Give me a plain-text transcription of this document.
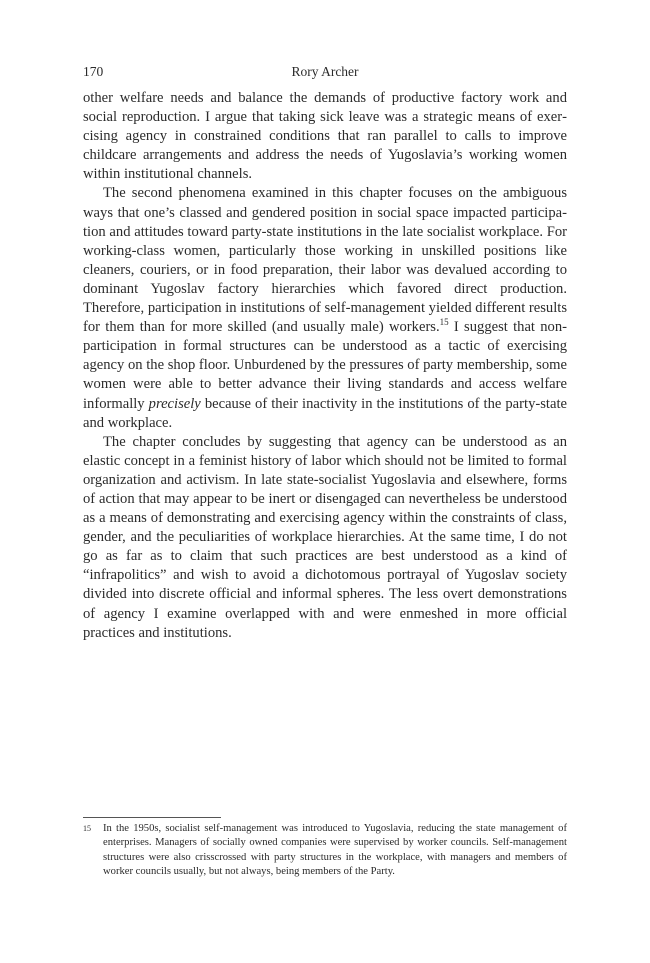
170	Rory Archer

other welfare needs and balance the demands of productive factory work and social reproduction. I argue that taking sick leave was a strategic means of exercising agency in constrained conditions that ran parallel to calls to improve childcare arrangements and address the needs of Yugoslavia’s working women within institutional channels.

The second phenomena examined in this chapter focuses on the ambiguous ways that one’s classed and gendered position in social space impacted participation and attitudes toward party-state institutions in the late socialist workplace. For working-class women, particularly those working in unskilled positions like cleaners, couriers, or in food preparation, their labor was devalued according to dominant Yugoslav factory hierarchies which favored direct production. Therefore, participation in institutions of self-management yielded different results for them than for more skilled (and usually male) workers.$^{15}$ I suggest that non-participation in formal structures can be understood as a tactic of exercising agency on the shop floor. Unburdened by the pressures of party membership, some women were able to better advance their living standards and access welfare informally precisely because of their inactivity in the institutions of the party-state and workplace.

The chapter concludes by suggesting that agency can be understood as an elastic concept in a feminist history of labor which should not be limited to formal organization and activism. In late state-socialist Yugoslavia and elsewhere, forms of action that may appear to be inert or disengaged can nevertheless be understood as a means of demonstrating and exercising agency within the constraints of class, gender, and the peculiarities of workplace hierarchies. At the same time, I do not go as far as to claim that such practices are best understood as a kind of “infrapolitics” and wish to avoid a dichotomous portrayal of Yugoslav society divided into discrete official and informal spheres. The less overt demonstrations of agency I examine overlapped with and were enmeshed in more official practices and institutions.

15 In the 1950s, socialist self-management was introduced to Yugoslavia, reducing the state management of enterprises. Managers of socially owned companies were supervised by worker councils. Self-management structures were also crisscrossed with party structures in the workplace, with managers and members of worker councils usually, but not always, being members of the Party.
